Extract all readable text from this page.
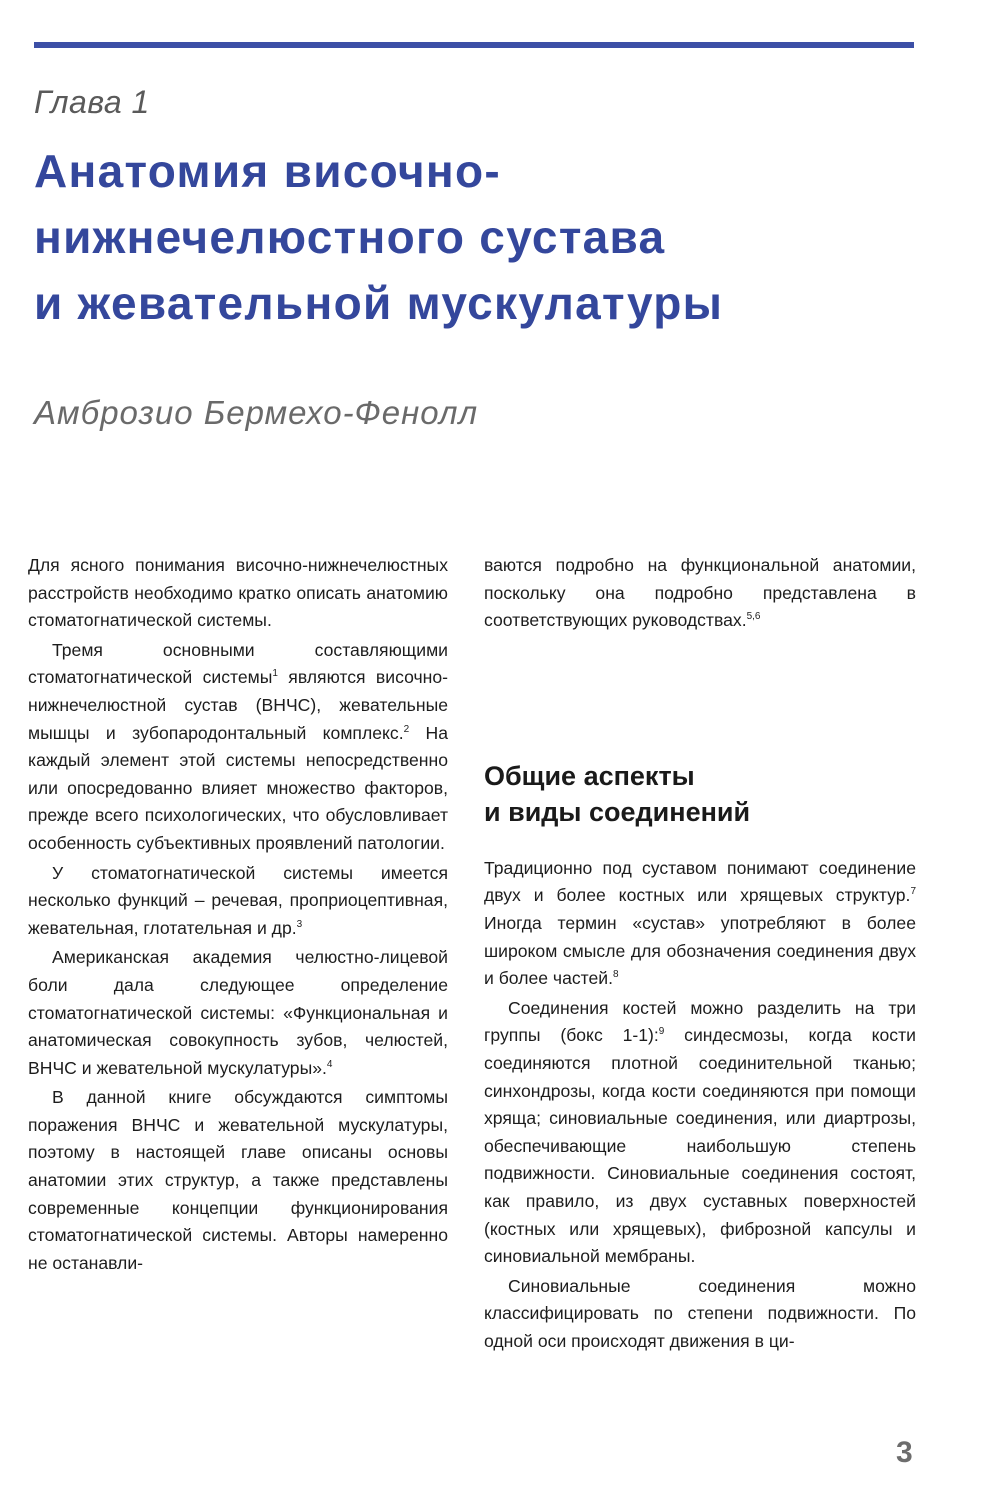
Глава 1
Анатомия височно-
нижнечелюстного сустава
и жевательной мускулатуры
Амброзио Бермехо-Фенолл

Для ясного понимания височно-нижнечелюстных расстройств необходимо кратко описать анатомию стоматогнатической системы.

Тремя основными составляющими стоматогнатической системы$^1$ являются височно-нижнечелюстной сустав (ВНЧС), жевательные мышцы и зубопародонтальный комплекс.$^2$ На каждый элемент этой системы непосредственно или опосредованно влияет множество факторов, прежде всего психологических, что обусловливает особенность субъективных проявлений патологии.

У стоматогнатической системы имеется несколько функций – речевая, проприоцептивная, жевательная, глотательная и др.$^3$

Американская академия челюстно-лицевой боли дала следующее определение стоматогнатической системы: «Функциональная и анатомическая совокупность зубов, челюстей, ВНЧС и жевательной мускулатуры».$^4$

В данной книге обсуждаются симптомы поражения ВНЧС и жевательной мускулатуры, поэтому в настоящей главе описаны основы анатомии этих структур, а также представлены современные концепции функционирования стоматогнатической системы. Авторы намеренно не останавли-

ваются подробно на функциональной анатомии, поскольку она подробно представлена в соответствующих руководствах.$^{5,6}$

Общие аспекты
и виды соединений

Традиционно под суставом понимают соединение двух и более костных или хрящевых структур.$^7$ Иногда термин «сустав» употребляют в более широком смысле для обозначения соединения двух и более частей.$^8$

Соединения костей можно разделить на три группы (бокс 1-1):$^9$ синдесмозы, когда кости соединяются плотной соединительной тканью; синхондрозы, когда кости соединяются при помощи хряща; синовиальные соединения, или диартрозы, обеспечивающие наибольшую степень подвижности. Синовиальные соединения состоят, как правило, из двух суставных поверхностей (костных или хрящевых), фиброзной капсулы и синовиальной мембраны.

Синовиальные соединения можно классифицировать по степени подвижности. По одной оси происходят движения в ци-

3
